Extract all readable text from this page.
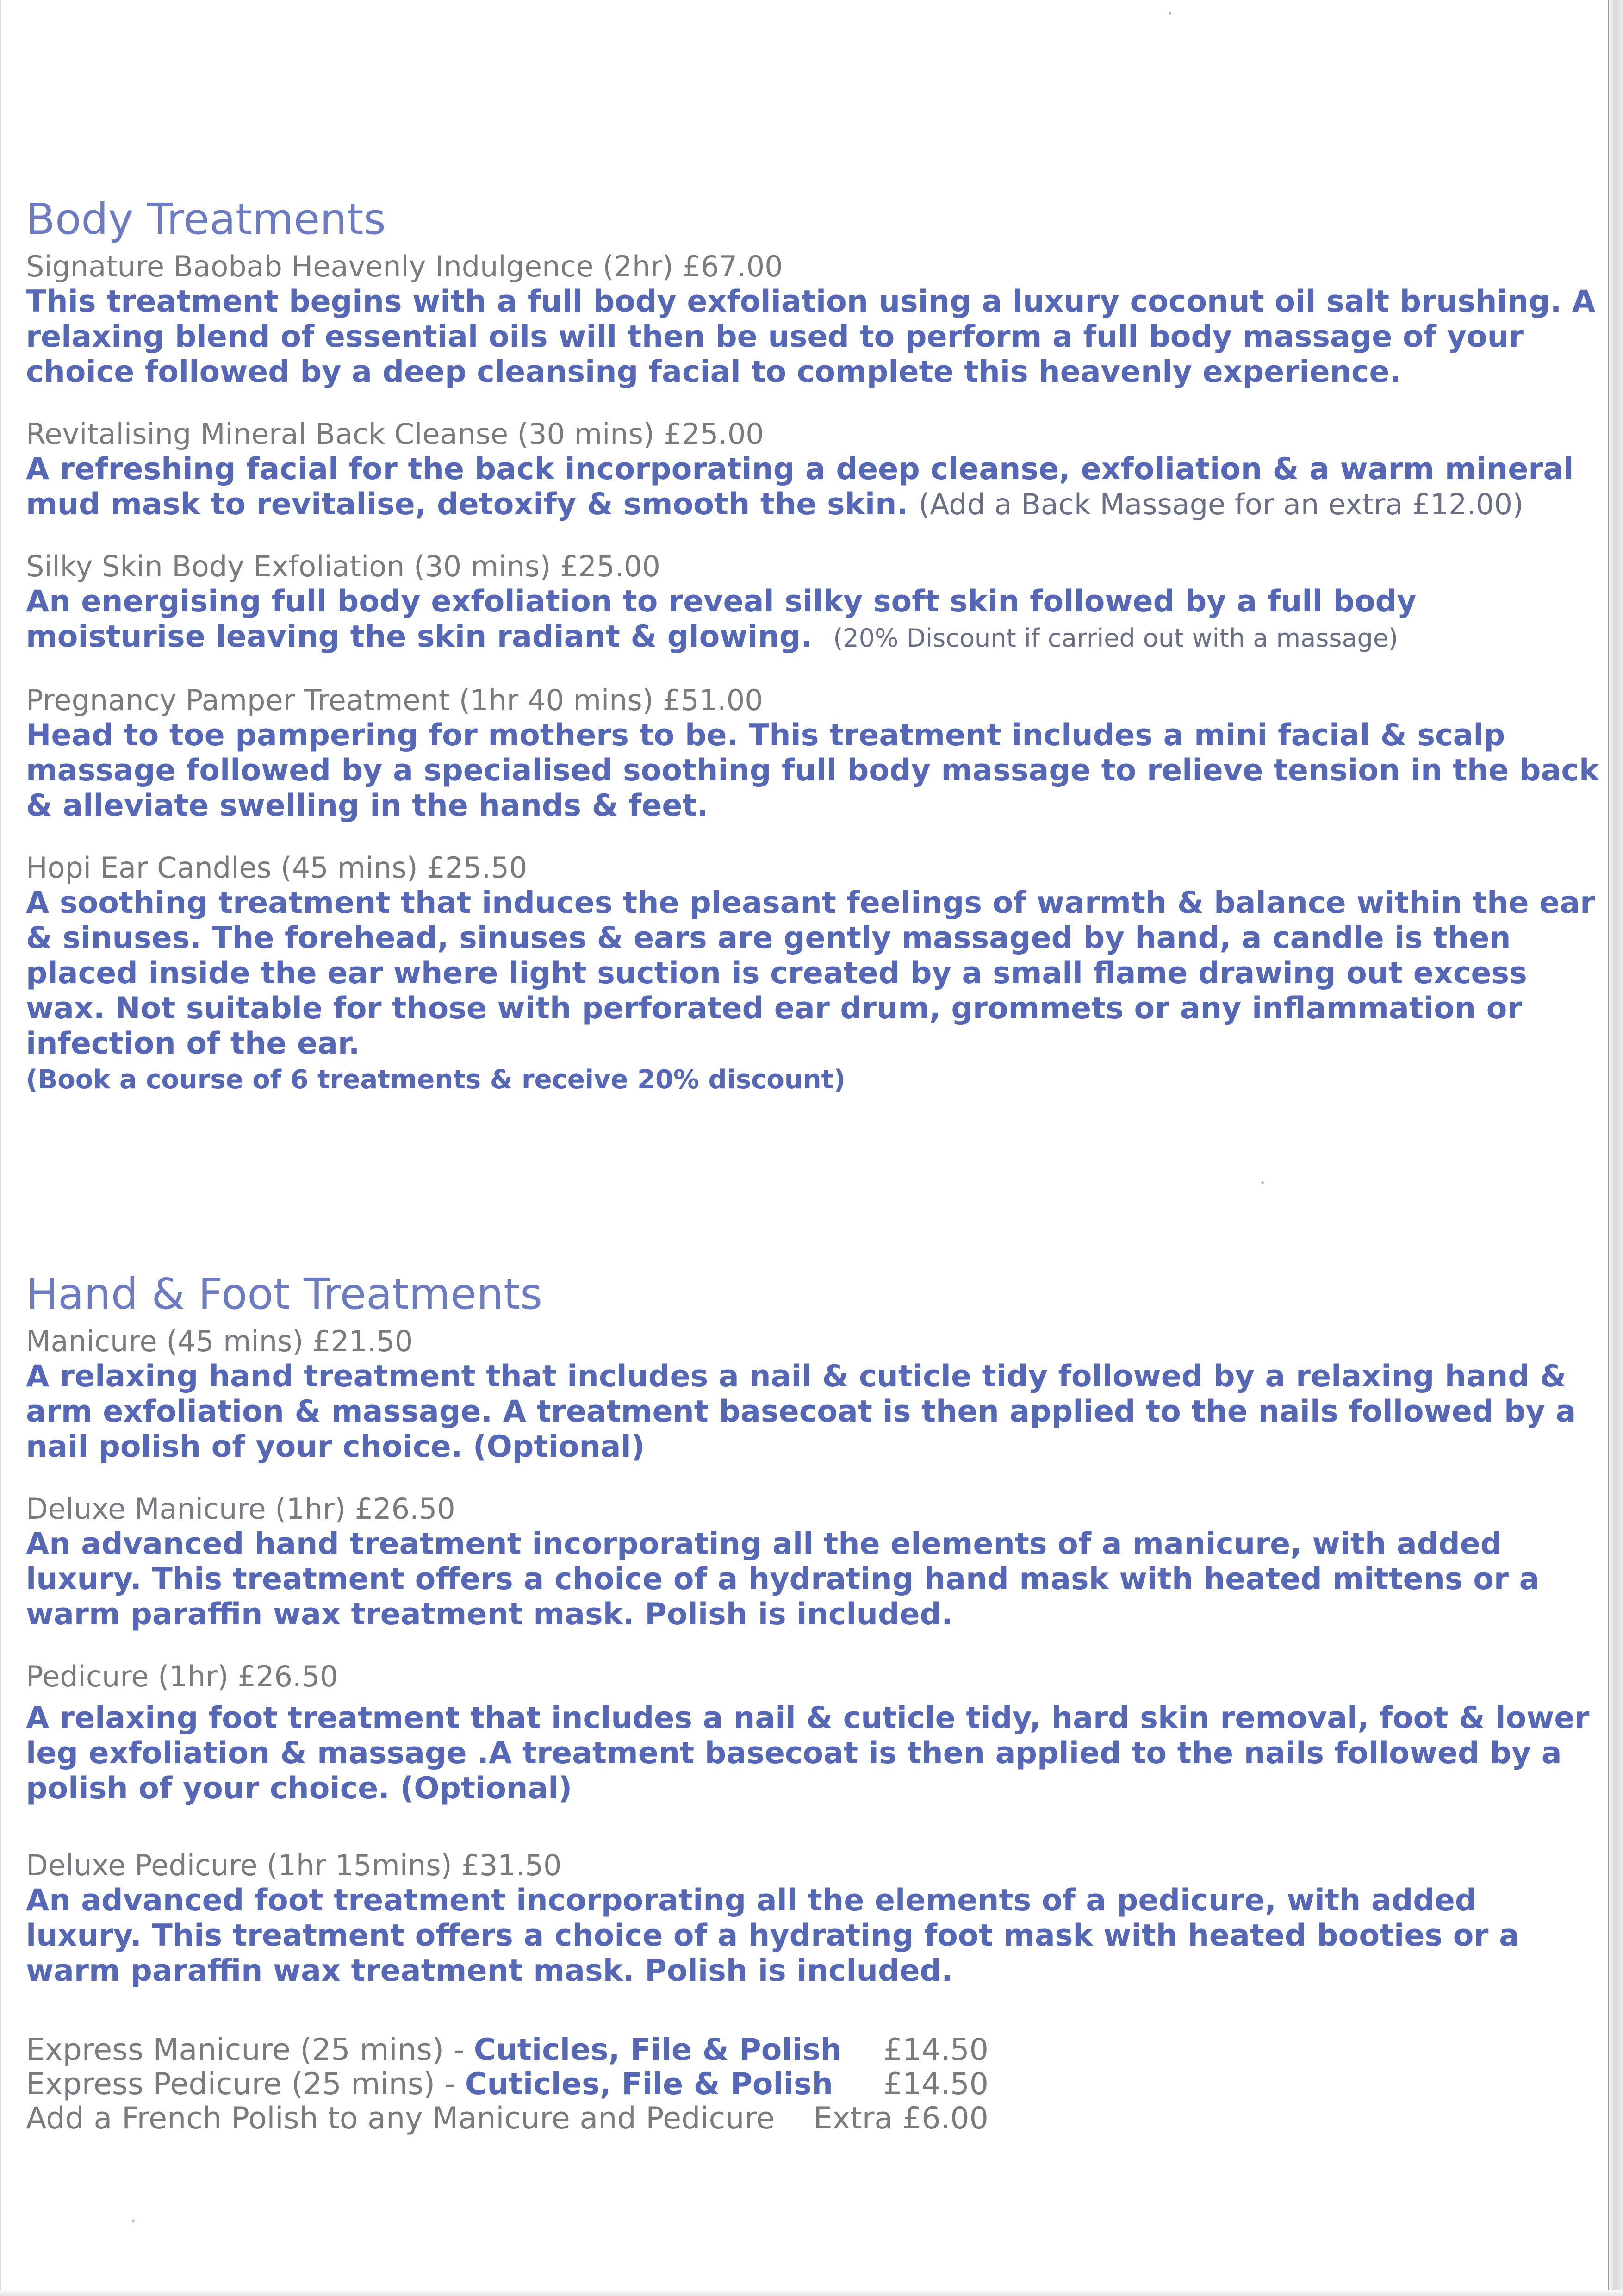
Body Treatments
Signature Baobab Heavenly Indulgence (2hr) £67.00
This treatment begins with a full body exfoliation using a luxury coconut oil salt brushing. A relaxing blend of essential oils will then be used to perform a full body massage of your choice followed by a deep cleansing facial to complete this heavenly experience.
Revitalising Mineral Back Cleanse (30 mins) £25.00
A refreshing facial for the back incorporating a deep cleanse, exfoliation & a warm mineral mud mask to revitalise, detoxify & smooth the skin. (Add a Back Massage for an extra £12.00)
Silky Skin Body Exfoliation (30 mins) £25.00
An energising full body exfoliation to reveal silky soft skin followed by a full body moisturise leaving the skin radiant & glowing. (20% Discount if carried out with a massage)
Pregnancy Pamper Treatment (1hr 40 mins) £51.00
Head to toe pampering for mothers to be. This treatment includes a mini facial & scalp massage followed by a specialised soothing full body massage to relieve tension in the back & alleviate swelling in the hands & feet.
Hopi Ear Candles (45 mins) £25.50
A soothing treatment that induces the pleasant feelings of warmth & balance within the ear & sinuses. The forehead, sinuses & ears are gently massaged by hand, a candle is then placed inside the ear where light suction is created by a small flame drawing out excess wax. Not suitable for those with perforated ear drum, grommets or any inflammation or infection of the ear.
(Book a course of 6 treatments & receive 20% discount)
Hand & Foot Treatments
Manicure (45 mins) £21.50
A relaxing hand treatment that includes a nail & cuticle tidy followed by a relaxing hand & arm exfoliation & massage. A treatment basecoat is then applied to the nails followed by a nail polish of your choice. (Optional)
Deluxe Manicure (1hr) £26.50
An advanced hand treatment incorporating all the elements of a manicure, with added luxury. This treatment offers a choice of a hydrating hand mask with heated mittens or a warm paraffin wax treatment mask. Polish is included.
Pedicure (1hr) £26.50
A relaxing foot treatment that includes a nail & cuticle tidy, hard skin removal, foot & lower leg exfoliation & massage .A treatment basecoat is then applied to the nails followed by a polish of your choice. (Optional)
Deluxe Pedicure (1hr 15mins) £31.50
An advanced foot treatment incorporating all the elements of a pedicure, with added luxury. This treatment offers a choice of a hydrating foot mask with heated booties or a warm paraffin wax treatment mask. Polish is included.
Express Manicure (25 mins) - Cuticles, File & Polish	£14.50
Express Pedicure (25 mins) - Cuticles, File & Polish	£14.50
Add a French Polish to any Manicure and Pedicure	Extra £6.00
